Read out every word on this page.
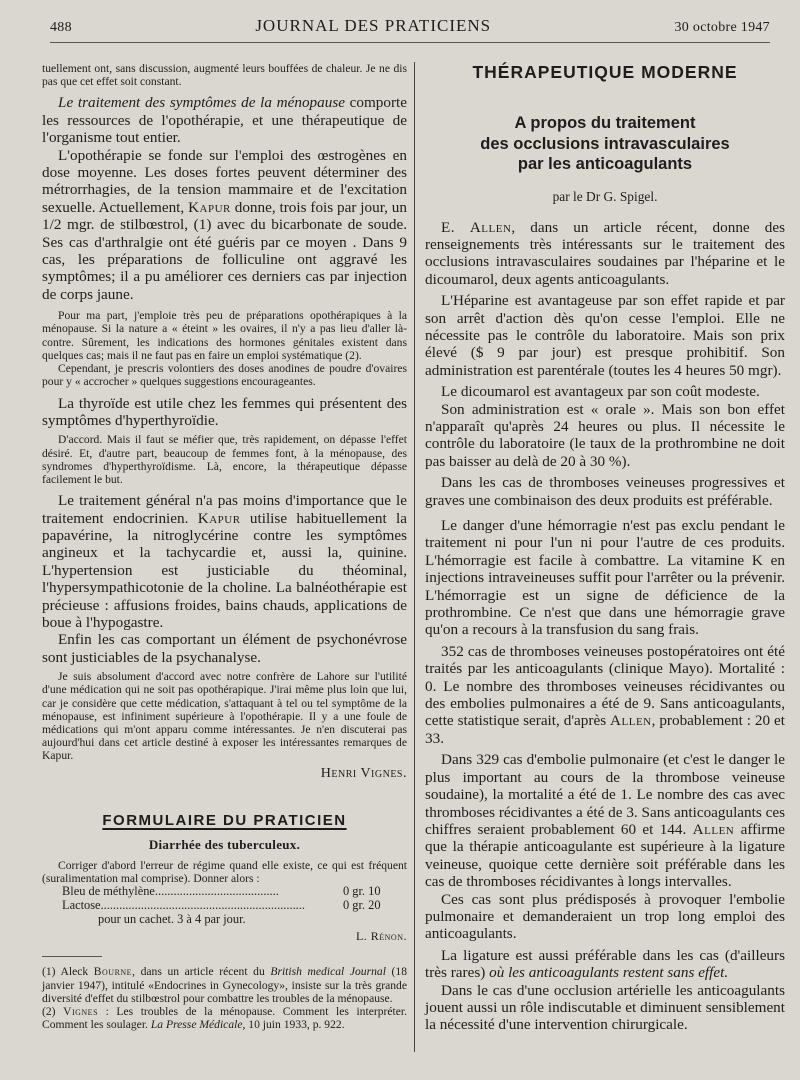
488	JOURNAL DES PRATICIENS	30 octobre 1947

tuellement ont, sans discussion, augmenté leurs bouffées de chaleur. Je ne dis pas que cet effet soit constant.

Le traitement des symptômes de la ménopause comporte les ressources de l'opothérapie, et une thérapeutique de l'organisme tout entier.

L'opothérapie se fonde sur l'emploi des œstrogènes en dose moyenne. Les doses fortes peuvent déterminer des métrorrhagies, de la tension mammaire et de l'excitation sexuelle. Actuellement, Kapur donne, trois fois par jour, un 1/2 mgr. de stilbœstrol, (1) avec du bicarbonate de soude. Ses cas d'arthralgie ont été guéris par ce moyen . Dans 9 cas, les préparations de folliculine ont aggravé les symptômes; il a pu améliorer ces derniers cas par injection de corps jaune.

Pour ma part, j'emploie très peu de préparations opothérapiques à la ménopause. Si la nature a « éteint » les ovaires, il n'y a pas lieu d'aller là-contre. Sûrement, les indications des hormones génitales existent dans quelques cas; mais il ne faut pas en faire un emploi systématique (2).

Cependant, je prescris volontiers des doses anodines de poudre d'ovaires pour y « accrocher » quelques suggestions encourageantes.

La thyroïde est utile chez les femmes qui présentent des symptômes d'hyperthyroïdie.

D'accord. Mais il faut se méfier que, très rapidement, on dépasse l'effet désiré. Et, d'autre part, beaucoup de femmes font, à la ménopause, des syndromes d'hyperthyroïdisme. Là, encore, la thérapeutique dépasse facilement le but.

Le traitement général n'a pas moins d'importance que le traitement endocrinien. Kapur utilise habituellement la papavérine, la nitroglycérine contre les symptômes angineux et la tachycardie et, aussi la, quinine. L'hypertension est justiciable du théominal, l'hypersympathicotonie de la choline. La balnéothérapie est précieuse : affusions froides, bains chauds, applications de boue à l'hypogastre.

Enfin les cas comportant un élément de psychonévrose sont justiciables de la psychanalyse.

Je suis absolument d'accord avec notre confrère de Lahore sur l'utilité d'une médication qui ne soit pas opothérapique. J'irai même plus loin que lui, car je considère que cette médication, s'attaquant à tel ou tel symptôme de la ménopause, est infiniment supérieure à l'opothérapie. Il y a une foule de médications qui m'ont apparu comme intéressantes. Je n'en discuterai pas aujourd'hui dans cet article destiné à exposer les intéressantes remarques de Kapur.

Henri Vignes.
FORMULAIRE DU PRATICIEN
Diarrhée des tuberculeux.

Corriger d'abord l'erreur de régime quand elle existe, ce qui est fréquent (suralimentation mal comprise). Donner alors :

Bleu de méthylène........................................	0 gr. 10
Lactose..................................................................	0 gr. 20
pour un cachet. 3 à 4 par jour.
L. Rénon.

(1) Aleck Bourne, dans un article récent du British medical Journal (18 janvier 1947), intitulé «Endocrines in Gynecology», insiste sur la très grande diversité d'effet du stilbœstrol pour combattre les troubles de la ménopause.

(2) Vignes : Les troubles de la ménopause. Comment les interpréter. Comment les soulager. La Presse Médicale, 10 juin 1933, p. 922.

THÉRAPEUTIQUE MODERNE
A propos du traitement
des occlusions intravasculaires
par les anticoagulants
par le Dr G. Spigel.

E. Allen, dans un article récent, donne des renseignements très intéressants sur le traitement des occlusions intravasculaires soudaines par l'héparine et le dicoumarol, deux agents anticoagulants.

L'Héparine est avantageuse par son effet rapide et par son arrêt d'action dès qu'on cesse l'emploi. Elle ne nécessite pas le contrôle du laboratoire. Mais son prix élevé ($ 9 par jour) est presque prohibitif. Son administration est parentérale (toutes les 4 heures 50 mgr).

Le dicoumarol est avantageux par son coût modeste.

Son administration est « orale ». Mais son bon effet n'apparaît qu'après 24 heures ou plus. Il nécessite le contrôle du laboratoire (le taux de la prothrombine ne doit pas baisser au delà de 20 à 30 %).

Dans les cas de thromboses veineuses progressives et graves une combinaison des deux produits est préférable.

Le danger d'une hémorragie n'est pas exclu pendant le traitement ni pour l'un ni pour l'autre de ces produits. L'hémorragie est facile à combattre. La vitamine K en injections intraveineuses suffit pour l'arrêter ou la prévenir. L'hémorragie est un signe de déficience de la prothrombine. Ce n'est que dans une hémorragie grave qu'on a recours à la transfusion du sang frais.

352 cas de thromboses veineuses postopératoires ont été traités par les anticoagulants (clinique Mayo). Mortalité : 0. Le nombre des thromboses veineuses récidivantes ou des embolies pulmonaires a été de 9. Sans anticoagulants, cette statistique serait, d'après Allen, probablement : 20 et 33.

Dans 329 cas d'embolie pulmonaire (et c'est le danger le plus important au cours de la thrombose veineuse soudaine), la mortalité a été de 1. Le nombre des cas avec thromboses récidivantes a été de 3. Sans anticoagulants ces chiffres seraient probablement 60 et 144. Allen affirme que la thérapie anticoagulante est supérieure à la ligature veineuse, quoique cette dernière soit préférable dans les cas de thromboses récidivantes à longs intervalles.

Ces cas sont plus prédisposés à provoquer l'embolie pulmonaire et demanderaient un trop long emploi des anticoagulants.

La ligature est aussi préférable dans les cas (d'ailleurs très rares) où les anticoagulants restent sans effet.

Dans le cas d'une occlusion artérielle les anticoagulants jouent aussi un rôle indiscutable et diminuent sensiblement la nécessité d'une intervention chirurgicale.
